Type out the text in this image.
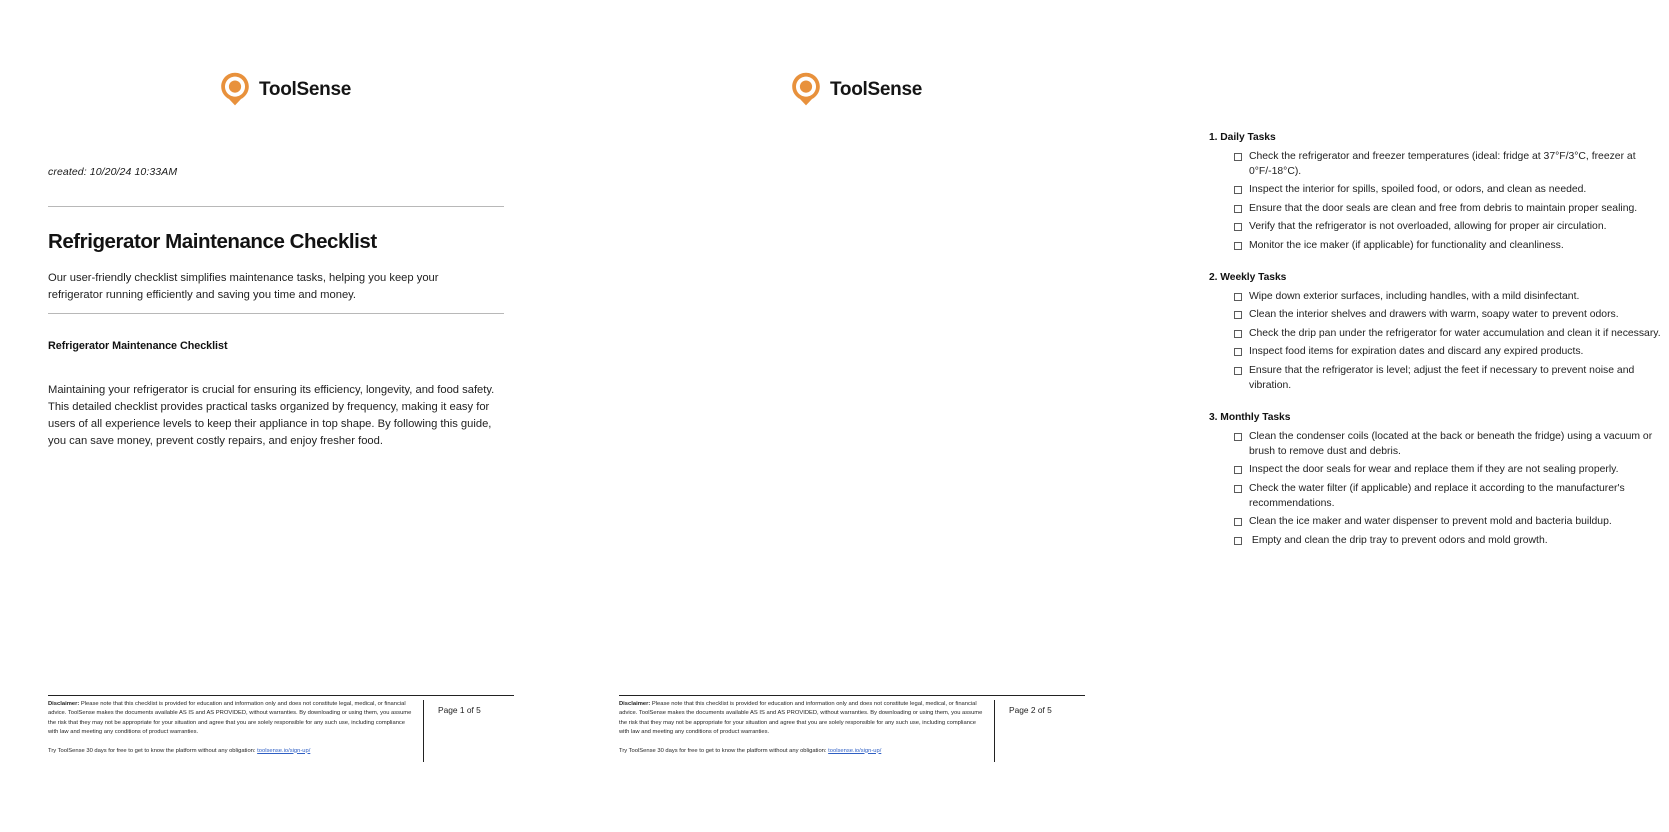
ToolSense
created: 10/20/24 10:33AM
Refrigerator Maintenance Checklist

Our user-friendly checklist simplifies maintenance tasks, helping you keep your refrigerator running efficiently and saving you time and money.

Refrigerator Maintenance Checklist

Maintaining your refrigerator is crucial for ensuring its efficiency, longevity, and food safety. This detailed checklist provides practical tasks organized by frequency, making it easy for users of all experience levels to keep their appliance in top shape. By following this guide, you can save money, prevent costly repairs, and enjoy fresher food.

Disclaimer: Please note that this checklist is provided for education and information only and does not constitute legal, medical, or financial advice. ToolSense makes the documents available AS IS and AS PROVIDED, without warranties. By downloading or using them, you assume the risk that they may not be appropriate for your situation and agree that you are solely responsible for any such use, including compliance with law and meeting any conditions of product warranties.

Try ToolSense 30 days for free to get to know the platform without any obligation: toolsense.io/sign-up/

Page 1 of 5
ToolSense
1. Daily Tasks
Check the refrigerator and freezer temperatures (ideal: fridge at 37°F/3°C, freezer at 0°F/-18°C).
Inspect the interior for spills, spoiled food, or odors, and clean as needed.
Ensure that the door seals are clean and free from debris to maintain proper sealing.
Verify that the refrigerator is not overloaded, allowing for proper air circulation.
Monitor the ice maker (if applicable) for functionality and cleanliness.
2. Weekly Tasks
Wipe down exterior surfaces, including handles, with a mild disinfectant.
Clean the interior shelves and drawers with warm, soapy water to prevent odors.
Check the drip pan under the refrigerator for water accumulation and clean it if necessary.
Inspect food items for expiration dates and discard any expired products.
Ensure that the refrigerator is level; adjust the feet if necessary to prevent noise and vibration.
3. Monthly Tasks
Clean the condenser coils (located at the back or beneath the fridge) using a vacuum or brush to remove dust and debris.
Inspect the door seals for wear and replace them if they are not sealing properly.
Check the water filter (if applicable) and replace it according to the manufacturer's recommendations.
Clean the ice maker and water dispenser to prevent mold and bacteria buildup.
Empty and clean the drip tray to prevent odors and mold growth.

Disclaimer: Please note that this checklist is provided for education and information only and does not constitute legal, medical, or financial advice. ToolSense makes the documents available AS IS and AS PROVIDED, without warranties. By downloading or using them, you assume the risk that they may not be appropriate for your situation and agree that you are solely responsible for any such use, including compliance with law and meeting any conditions of product warranties.

Try ToolSense 30 days for free to get to know the platform without any obligation: toolsense.io/sign-up/

Page 2 of 5
